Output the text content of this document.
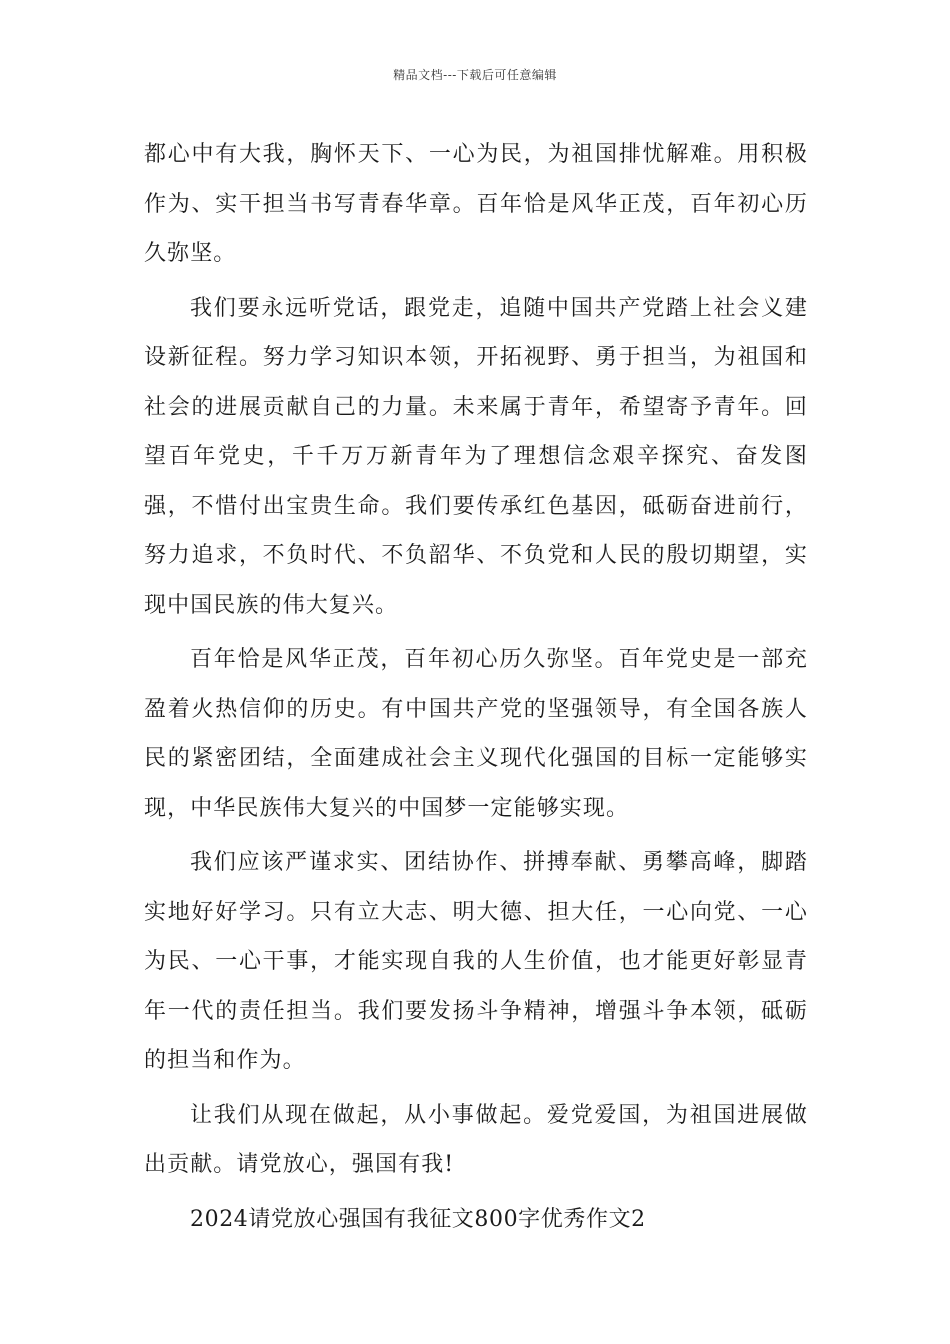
精品文档---下载后可任意编辑

都心中有大我，胸怀天下、一心为民，为祖国排忧解难。用积极作为、实干担当书写青春华章。百年恰是风华正茂，百年初心历久弥坚。

我们要永远听党话，跟党走，追随中国共产党踏上社会义建设新征程。努力学习知识本领，开拓视野、勇于担当，为祖国和社会的进展贡献自己的力量。未来属于青年，希望寄予青年。回望百年党史，千千万万新青年为了理想信念艰辛探究、奋发图强，不惜付出宝贵生命。我们要传承红色基因，砥砺奋进前行，努力追求，不负时代、不负韶华、不负党和人民的殷切期望，实现中国民族的伟大复兴。

百年恰是风华正茂，百年初心历久弥坚。百年党史是一部充盈着火热信仰的历史。有中国共产党的坚强领导，有全国各族人民的紧密团结，全面建成社会主义现代化强国的目标一定能够实现，中华民族伟大复兴的中国梦一定能够实现。

我们应该严谨求实、团结协作、拼搏奉献、勇攀高峰，脚踏实地好好学习。只有立大志、明大德、担大任，一心向党、一心为民、一心干事，才能实现自我的人生价值，也才能更好彰显青年一代的责任担当。我们要发扬斗争精神，增强斗争本领，砥砺的担当和作为。

让我们从现在做起，从小事做起。爱党爱国，为祖国进展做出贡献。请党放心，强国有我!

2024请党放心强国有我征文800字优秀作文2
